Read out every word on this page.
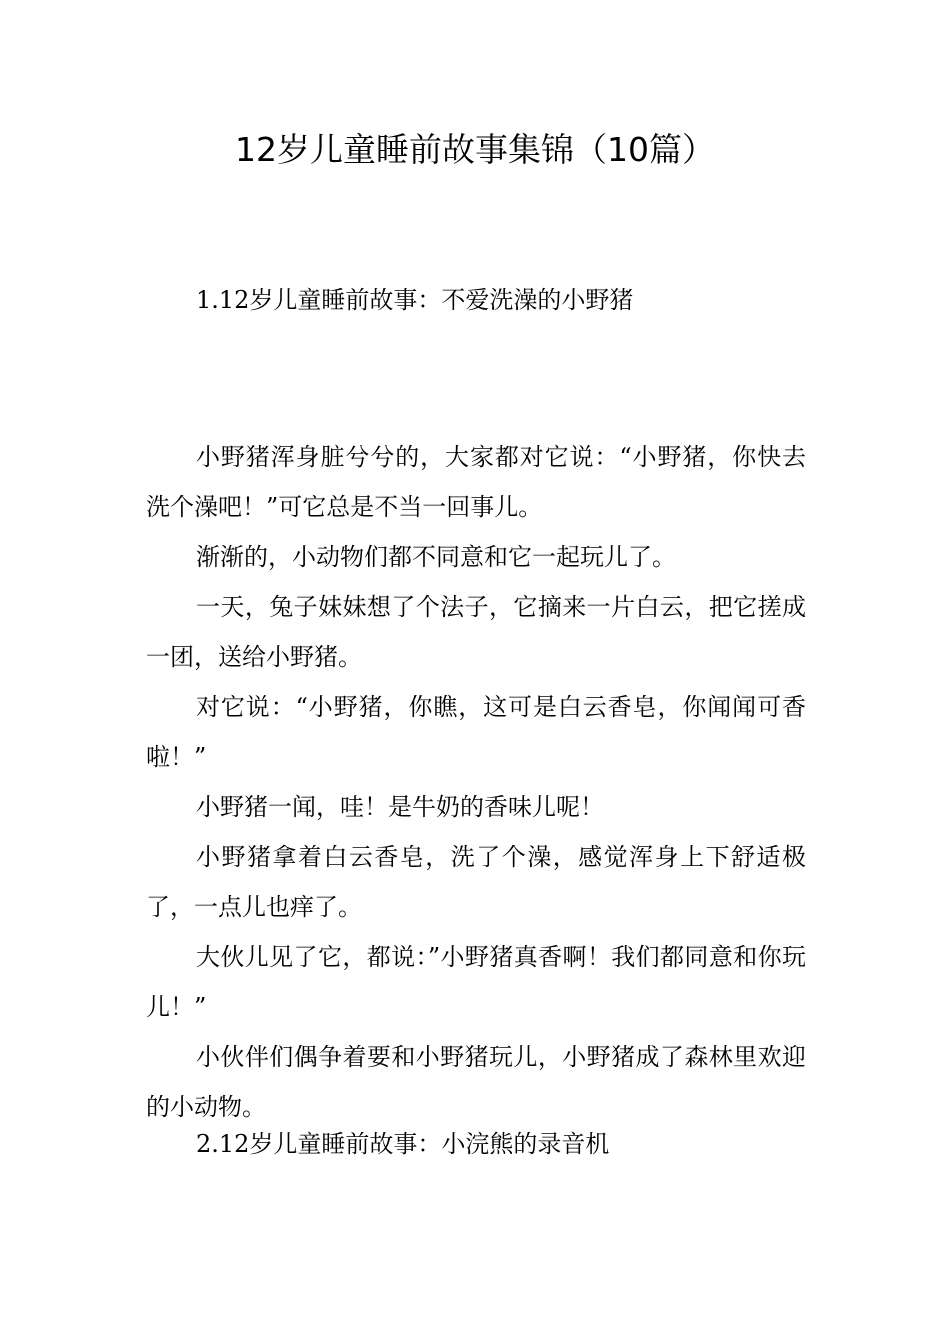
12岁儿童睡前故事集锦（10篇）
1.12岁儿童睡前故事：不爱洗澡的小野猪

小野猪浑身脏兮兮的，大家都对它说：“小野猪，你快去洗个澡吧！”可它总是不当一回事儿。

渐渐的，小动物们都不同意和它一起玩儿了。

一天，兔子妹妹想了个法子，它摘来一片白云，把它搓成一团，送给小野猪。

对它说：“小野猪，你瞧，这可是白云香皂，你闻闻可香啦！”

小野猪一闻，哇！是牛奶的香味儿呢！

小野猪拿着白云香皂，洗了个澡，感觉浑身上下舒适极了，一点儿也痒了。

大伙儿见了它，都说：”小野猪真香啊！我们都同意和你玩儿！”

小伙伴们偶争着要和小野猪玩儿，小野猪成了森林里欢迎的小动物。

2.12岁儿童睡前故事：小浣熊的录音机
